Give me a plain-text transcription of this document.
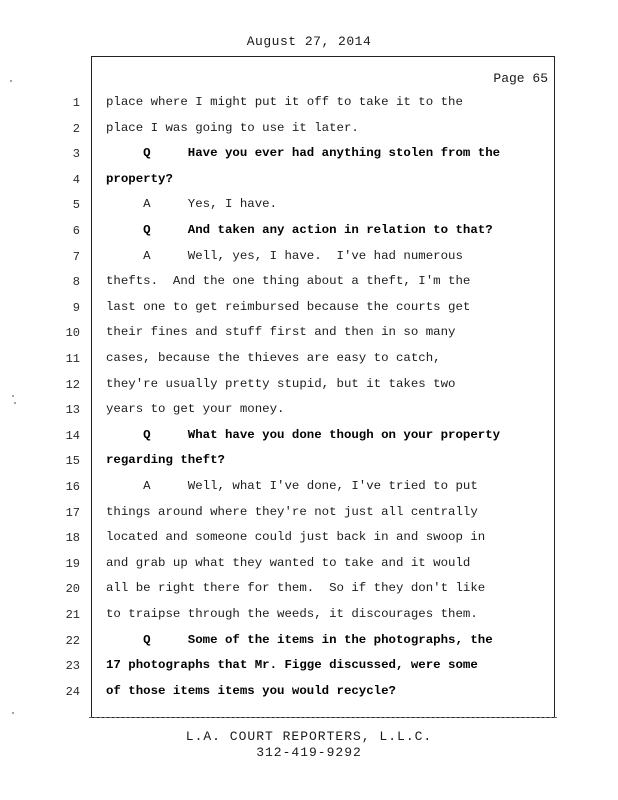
August 27, 2014
Page 65
1 place where I might put it off to take it to the
2 place I was going to use it later.
3 Q     Have you ever had anything stolen from the
4 property?
5 A     Yes, I have.
6 Q     And taken any action in relation to that?
7 A     Well, yes, I have.  I've had numerous
8 thefts.  And the one thing about a theft, I'm the
9 last one to get reimbursed because the courts get
10 their fines and stuff first and then in so many
11 cases, because the thieves are easy to catch,
12 they're usually pretty stupid, but it takes two
13 years to get your money.
14 Q     What have you done though on your property
15 regarding theft?
16 A     Well, what I've done, I've tried to put
17 things around where they're not just all centrally
18 located and someone could just back in and swoop in
19 and grab up what they wanted to take and it would
20 all be right there for them.  So if they don't like
21 to traipse through the weeds, it discourages them.
22 Q     Some of the items in the photographs, the
23 17 photographs that Mr. Figge discussed, were some
24 of those items items you would recycle?
L.A. COURT REPORTERS, L.L.C.
312-419-9292
